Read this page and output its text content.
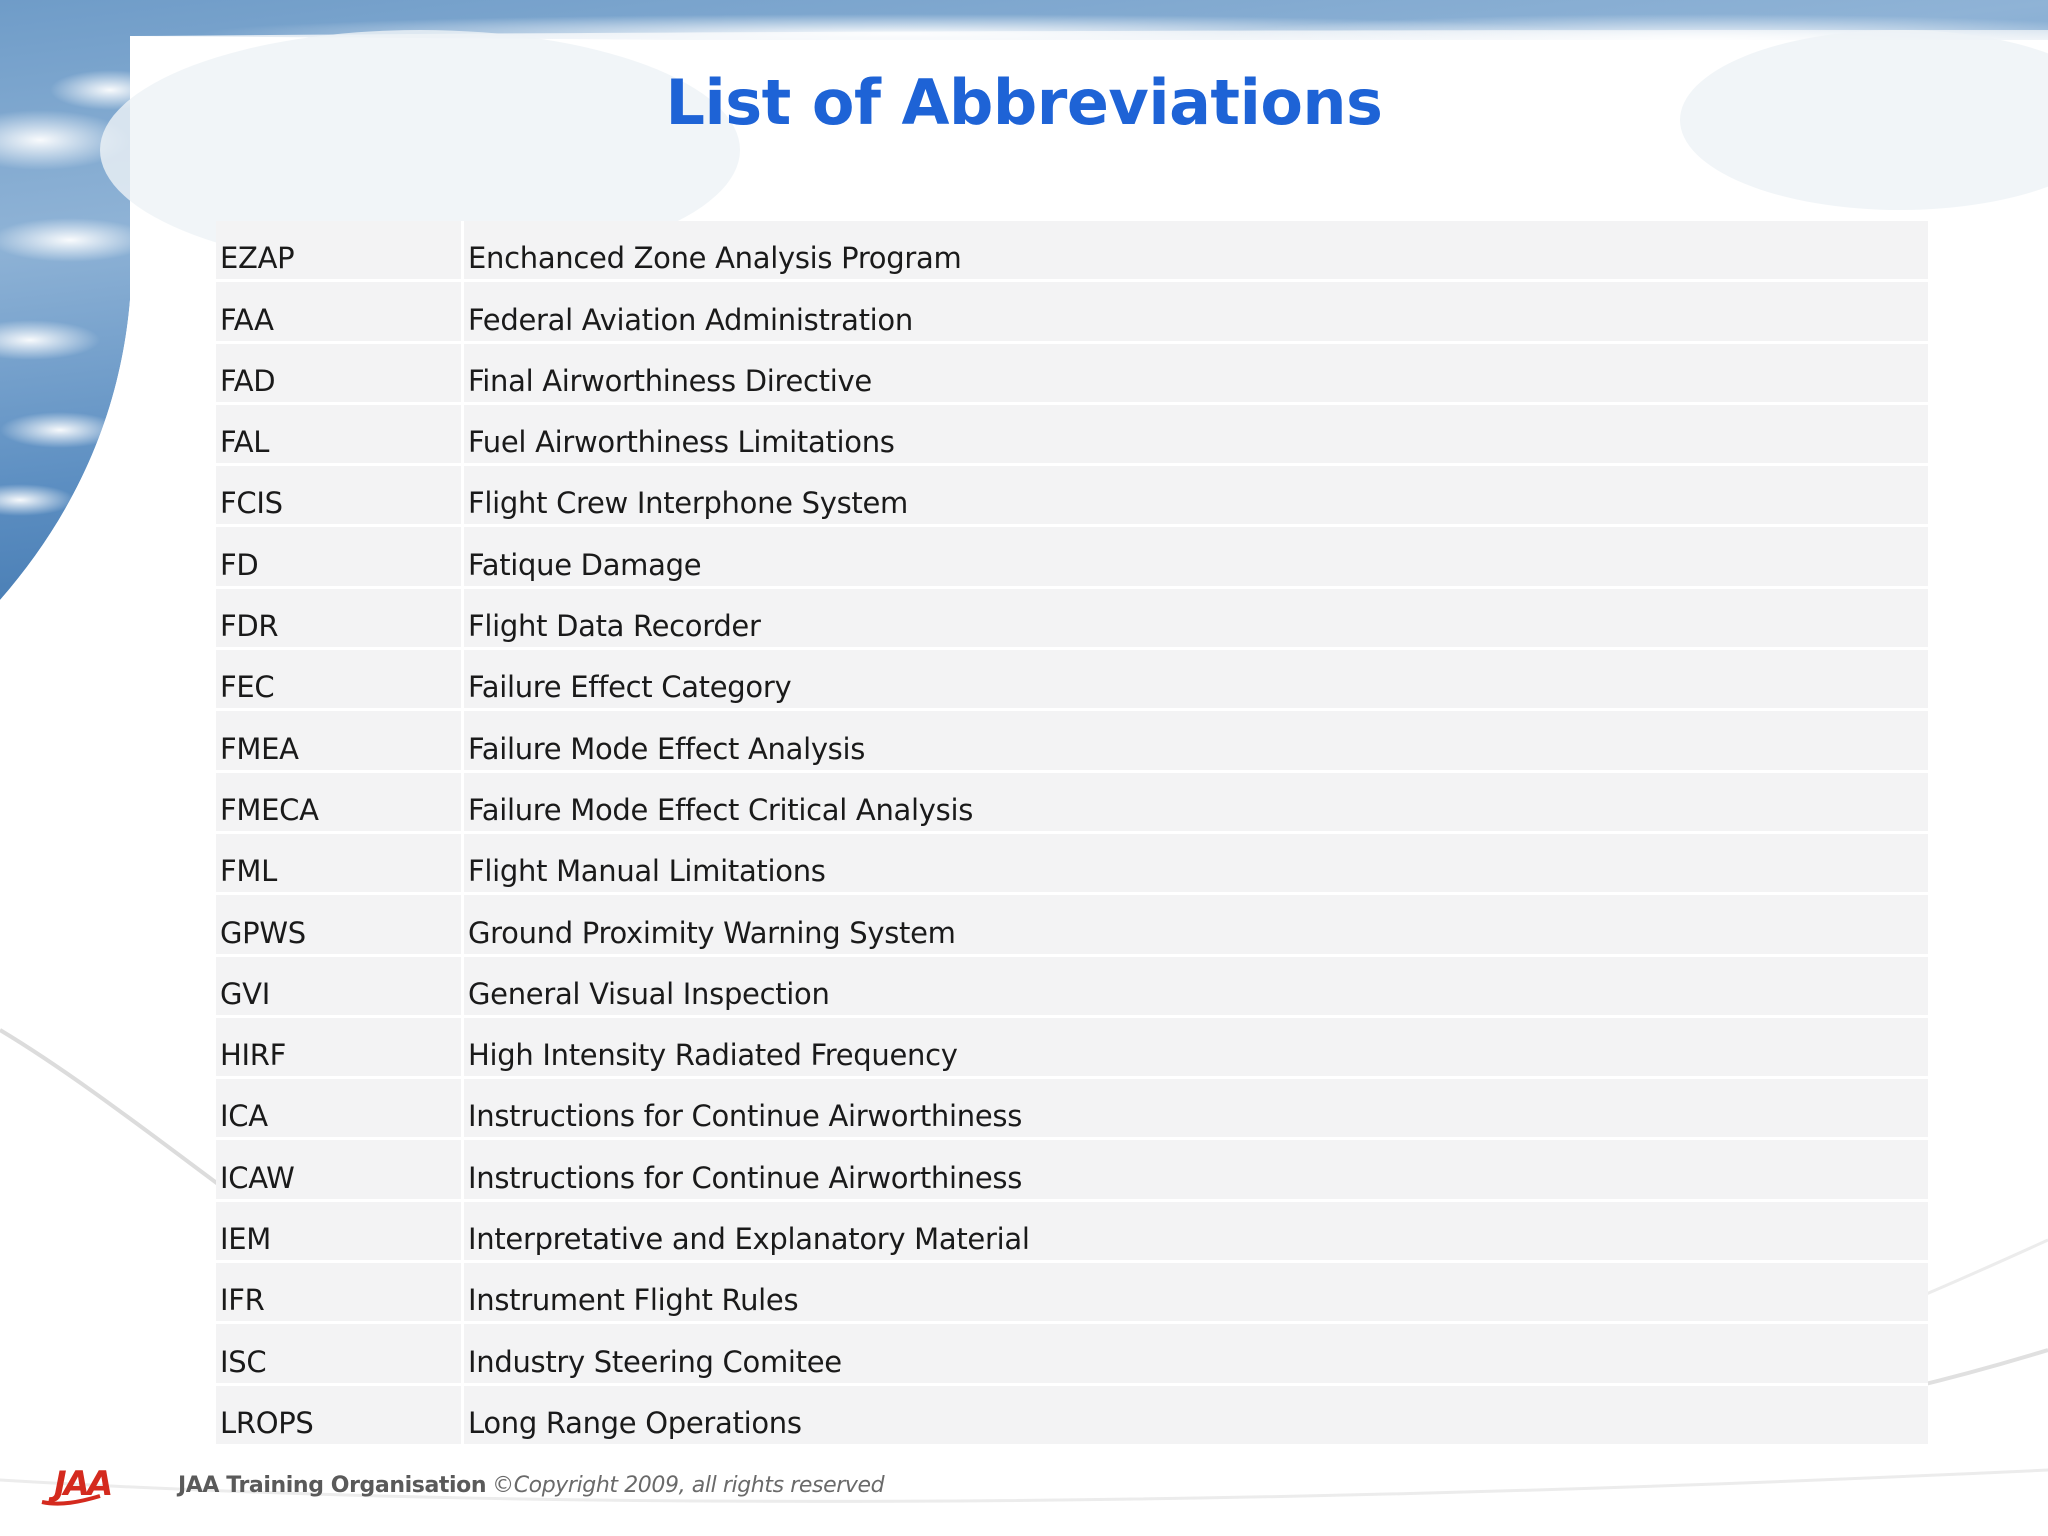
List of Abbreviations
EZAP	Enchanced Zone Analysis Program
FAA	Federal Aviation Administration
FAD	Final Airworthiness Directive
FAL	Fuel Airworthiness Limitations
FCIS	Flight Crew Interphone System
FD	Fatique Damage
FDR	Flight Data Recorder
FEC	Failure Effect Category
FMEA	Failure Mode Effect Analysis
FMECA	Failure Mode Effect Critical Analysis
FML	Flight Manual Limitations
GPWS	Ground Proximity Warning System
GVI	General Visual Inspection
HIRF	High Intensity Radiated Frequency
ICA	Instructions for Continue Airworthiness
ICAW	Instructions for Continue Airworthiness
IEM	Interpretative and Explanatory Material
IFR	Instrument Flight Rules
ISC	Industry Steering Comitee
LROPS	Long Range Operations
JAA	JAA Training Organisation ©Copyright 2009, all rights reserved
